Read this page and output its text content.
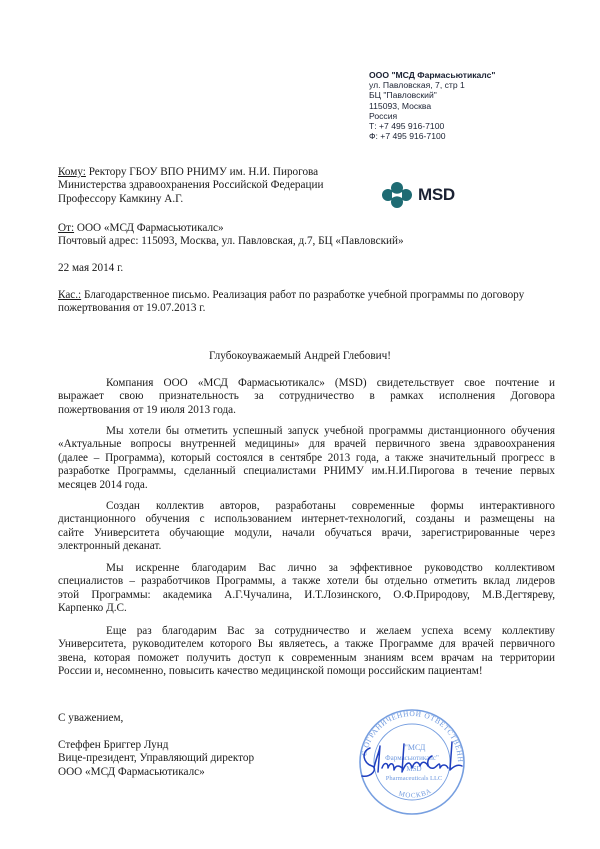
ООО "МСД Фармасьютикалс"
ул. Павловская, 7, стр 1
БЦ "Павловский"
115093, Москва
Россия
Т: +7 495 916-7100
Ф: +7 495 916-7100
Кому: Ректору ГБОУ ВПО РНИМУ им. Н.И. Пирогова
Министерства здравоохранения Российской Федерации
Профессору Камкину А.Г.	MSD
От: ООО «МСД Фармасьютикалс»
Почтовый адрес: 115093, Москва, ул. Павловская, д.7, БЦ «Павловский»
22 мая 2014 г.
Кас.: Благодарственное письмо. Реализация работ по разработке учебной программы по договору
пожертвования от 19.07.2013 г.
Глубокоуважаемый Андрей Глебович!
Компания ООО «МСД Фармасьютикалс» (MSD) свидетельствует свое почтение и
выражает свою признательность за сотрудничество в рамках исполнения Договора
пожертвования от 19 июля 2013 года.
Мы хотели бы отметить успешный запуск учебной программы дистанционного обучения
«Актуальные вопросы внутренней медицины» для врачей первичного звена здравоохранения
(далее – Программа), который состоялся в сентябре 2013 года, а также значительный прогресс в
разработке Программы, сделанный специалистами РНИМУ им.Н.И.Пирогова в течение первых
месяцев 2014 года.
Создан коллектив авторов, разработаны современные формы интерактивного
дистанционного обучения с использованием интернет-технологий, созданы и размещены на
сайте Университета обучающие модули, начали обучаться врачи, зарегистрированные через
электронный деканат.
Мы искренне благодарим Вас лично за эффективное руководство коллективом
специалистов – разработчиков Программы, а также хотели бы отдельно отметить вклад лидеров
этой Программы: академика А.Г.Чучалина, И.Т.Лозинского, О.Ф.Природову, М.В.Дегтяреву,
Карпенко Д.С.
Еще раз благодарим Вас за сотрудничество и желаем успеха всему коллективу
Университета, руководителем которого Вы являетесь, а также Программе для врачей первичного
звена, которая поможет получить доступ к современным знаниям всем врачам на территории
России и, несомненно, повысить качество медицинской помощи российским пациентам!
С уважением,
Стеффен Бриггер Лунд
Вице-президент, Управляющий директор
ООО «МСД Фармасьютикалс»
С ОГРАНИЧЕННОЙ ОТВЕТСТВЕНН
МОСКВА
"МСД
Фармасьютикалс"
MSD
Pharmaceuticals LLC
